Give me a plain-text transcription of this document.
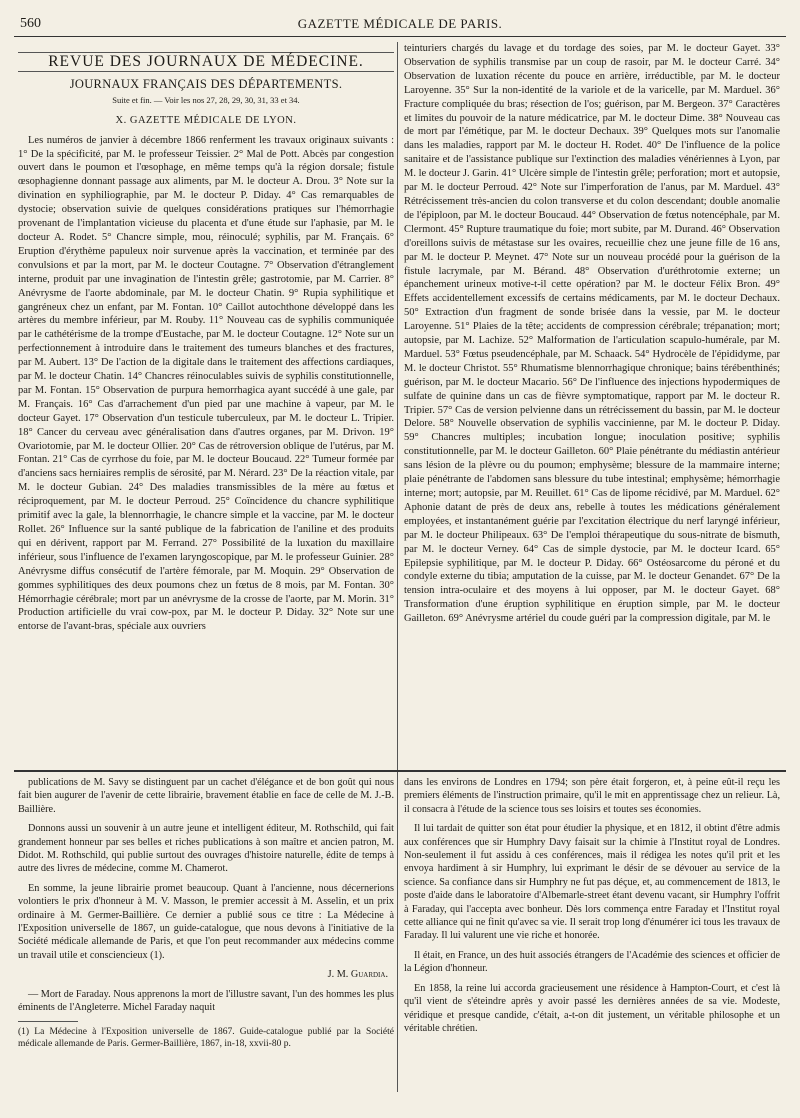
560	GAZETTE MÉDICALE DE PARIS.
REVUE DES JOURNAUX DE MÉDECINE.
JOURNAUX FRANÇAIS DES DÉPARTEMENTS.
Suite et fin. — Voir les nos 27, 28, 29, 30, 31, 33 et 34.
X. GAZETTE MÉDICALE DE LYON.

Les numéros de janvier à décembre 1866 renferment les travaux originaux suivants : 1° De la spécificité, par M. le professeur Teissier. 2° Mal de Pott. Abcès par congestion ouvert dans le poumon et l'œsophage, en même temps qu'à la région dorsale; fistule œsophagienne donnant passage aux aliments, par M. le docteur A. Drou. 3° Note sur la divination en syphiliographie, par M. le docteur P. Diday. 4° Cas remarquables de dystocie; observation suivie de quelques considérations pratiques sur l'hémorrhagie provenant de l'implantation vicieuse du placenta et d'une étude sur l'aphasie, par M. le docteur A. Rodet. 5° Chancre simple, mou, réinoculé; syphilis, par M. Français. 6° Eruption d'érythème papuleux noir survenue après la vaccination, et terminée par des convulsions et par la mort, par M. le docteur Coutagne. 7° Observation d'étranglement interne, produit par une invagination de l'intestin grêle; gastrotomie, par M. Carrier. 8° Anévrysme de l'aorte abdominale, par M. le docteur Chatin. 9° Rupia syphilitique et gangréneux chez un enfant, par M. Fontan. 10° Caillot autochthone développé dans les artères du membre inférieur, par M. Rouby. 11° Nouveau cas de syphilis communiquée par le cathétérisme de la trompe d'Eustache, par M. le docteur Coutagne. 12° Note sur un perfectionnement à introduire dans le traitement des tumeurs blanches et des fractures, par M. Aubert. 13° De l'action de la digitale dans le traitement des affections cardiaques, par M. le docteur Chatin. 14° Chancres réinoculables suivis de syphilis constitutionnelle, par M. Fontan. 15° Observation de purpura hemorrhagica ayant succédé à une gale, par M. Français. 16° Cas d'arrachement d'un pied par une machine à vapeur, par M. le docteur Gayet. 17° Observation d'un testicule tuberculeux, par M. le docteur L. Tripier. 18° Cancer du cerveau avec généralisation dans d'autres organes, par M. Drivon. 19° Ovariotomie, par M. le docteur Ollier. 20° Cas de rétroversion oblique de l'utérus, par M. Fontan. 21° Cas de cyrrhose du foie, par M. le docteur Boucaud. 22° Tumeur formée par d'anciens sacs herniaires remplis de sérosité, par M. Nérard. 23° De la réaction vitale, par M. le docteur Gubian. 24° Des maladies transmissibles de la mère au fœtus et réciproquement, par M. le docteur Perroud. 25° Coïncidence du chancre syphilitique primitif avec la gale, la blennorrhagie, le chancre simple et la vaccine, par M. le docteur Rollet. 26° Influence sur la santé publique de la fabrication de l'aniline et des produits qui en dérivent, rapport par M. Ferrand. 27° Possibilité de la luxation du maxillaire inférieur, sous l'influence de l'examen laryngoscopique, par M. le professeur Guinier. 28° Anévrysme diffus consécutif de l'artère fémorale, par M. Moquin. 29° Observation de gommes syphilitiques des deux poumons chez un fœtus de 8 mois, par M. Fontan. 30° Hémorrhagie cérébrale; mort par un anévrysme de la crosse de l'aorte, par M. Morin. 31° Production artificielle du vrai cow-pox, par M. le docteur P. Diday. 32° Note sur une entorse de l'avant-bras, spéciale aux ouvriers

teinturiers chargés du lavage et du tordage des soies, par M. le docteur Gayet. 33° Observation de syphilis transmise par un coup de rasoir, par M. le docteur Carré. 34° Observation de luxation récente du pouce en arrière, irréductible, par M. le docteur Laroyenne. 35° Sur la non-identité de la variole et de la varicelle, par M. Marduel. 36° Fracture compliquée du bras; résection de l'os; guérison, par M. Bergeon. 37° Caractères et limites du pouvoir de la nature médicatrice, par M. le docteur Dime. 38° Nouveau cas de mort par l'émétique, par M. le docteur Dechaux. 39° Quelques mots sur l'anomalie dans les maladies, rapport par M. le docteur H. Rodet. 40° De l'influence de la police sanitaire et de l'assistance publique sur l'extinction des maladies vénériennes à Lyon, par M. le docteur J. Garin. 41° Ulcère simple de l'intestin grêle; perforation; mort et autopsie, par M. le docteur Perroud. 42° Note sur l'imperforation de l'anus, par M. Marduel. 43° Rétrécissement très-ancien du colon transverse et du colon descendant; double anomalie de l'épiploon, par M. le docteur Boucaud. 44° Observation de fœtus notencéphale, par M. Clermont. 45° Rupture traumatique du foie; mort subite, par M. Durand. 46° Observation d'oreillons suivis de métastase sur les ovaires, recueillie chez une jeune fille de 16 ans, par M. le docteur P. Meynet. 47° Note sur un nouveau procédé pour la guérison de la fistule lacrymale, par M. Bérand. 48° Observation d'uréthrotomie externe; un épanchement urineux motive-t-il cette opération? par M. le docteur Félix Bron. 49° Effets accidentellement excessifs de certains médicaments, par M. le docteur Dechaux. 50° Extraction d'un fragment de sonde brisée dans la vessie, par M. le docteur Laroyenne. 51° Plaies de la tête; accidents de compression cérébrale; trépanation; mort; autopsie, par M. Lachize. 52° Malformation de l'articulation scapulo-humérale, par M. Marduel. 53° Fœtus pseudencéphale, par M. Schaack. 54° Hydrocèle de l'épididyme, par M. le docteur Christot. 55° Rhumatisme blennorrhagique chronique; bains térébenthinés; guérison, par M. le docteur Macario. 56° De l'influence des injections hypodermiques de sulfate de quinine dans un cas de fièvre symptomatique, rapport par M. le docteur R. Tripier. 57° Cas de version pelvienne dans un rétrécissement du bassin, par M. le docteur Delore. 58° Nouvelle observation de syphilis vaccinienne, par M. le docteur P. Diday. 59° Chancres multiples; incubation longue; inoculation positive; syphilis constitutionnelle, par M. le docteur Gailleton. 60° Plaie pénétrante du médiastin antérieur sans lésion de la plèvre ou du poumon; emphysème; blessure de la mammaire interne; plaie pénétrante de l'abdomen sans blessure du tube intestinal; emphysème; hémorrhagie interne; mort; autopsie, par M. Reuillet. 61° Cas de lipome récidivé, par M. Marduel. 62° Aphonie datant de près de deux ans, rebelle à toutes les médications généralement employées, et instantanément guérie par l'excitation électrique du nerf laryngé inférieur, par M. le docteur Philipeaux. 63° De l'emploi thérapeutique du sous-nitrate de bismuth, par M. le docteur Verney. 64° Cas de simple dystocie, par M. le docteur Icard. 65° Epilepsie syphilitique, par M. le docteur P. Diday. 66° Ostéosarcome du péroné et du condyle externe du tibia; amputation de la cuisse, par M. le docteur Genandet. 67° De la tension intra-oculaire et des moyens à lui opposer, par M. le docteur Gayet. 68° Transformation d'une éruption syphilitique en éruption simple, par M. le docteur Gailleton. 69° Anévrysme artériel du coude guéri par la compression digitale, par M. le

publications de M. Savy se distinguent par un cachet d'élégance et de bon goût qui nous fait bien augurer de l'avenir de cette librairie, bravement établie en face de celle de M. J.-B. Baillière.

Donnons aussi un souvenir à un autre jeune et intelligent éditeur, M. Rothschild, qui fait grandement honneur par ses belles et riches publications à son maître et ancien patron, M. Didot. M. Rothschild, qui publie surtout des ouvrages d'histoire naturelle, édite de temps à autre des livres de médecine, comme M. Chamerot.

En somme, la jeune librairie promet beaucoup. Quant à l'ancienne, nous décernerions volontiers le prix d'honneur à M. V. Masson, le premier accessit à M. Asselin, et un prix ordinaire à M. Germer-Baillière. Ce dernier a publié sous ce titre : La Médecine à l'Exposition universelle de 1867, un guide-catalogue, que nous devons à l'initiative de la Société médicale allemande de Paris, et que l'on peut recommander aux médecins comme un travail utile et consciencieux (1).

J. M. Guardia.

— Mort de Faraday. Nous apprenons la mort de l'illustre savant, l'un des hommes les plus éminents de l'Angleterre. Michel Faraday naquit

(1) La Médecine à l'Exposition universelle de 1867. Guide-catalogue publié par la Société médicale allemande de Paris. Germer-Baillière, 1867, in-18, xxvii-80 p.

dans les environs de Londres en 1794; son père était forgeron, et, à peine eût-il reçu les premiers éléments de l'instruction primaire, qu'il le mit en apprentissage chez un relieur. Là, il consacra à l'étude de la science tous ses loisirs et toutes ses économies.

Il lui tardait de quitter son état pour étudier la physique, et en 1812, il obtint d'être admis aux conférences que sir Humphry Davy faisait sur la chimie à l'Institut royal de Londres. Non-seulement il fut assidu à ces conférences, mais il rédigea les notes qu'il prit et les envoya hardiment à sir Humphry, lui exprimant le désir de se dévouer au service de la science. Sa confiance dans sir Humphry ne fut pas déçue, et, au commencement de 1813, le poste d'aide dans le laboratoire d'Albemarle-street étant devenu vacant, sir Humphry l'offrit à Faraday, qui l'accepta avec bonheur. Dès lors commença entre Faraday et l'Institut royal cette alliance qui ne finit qu'avec sa vie. Il serait trop long d'énumérer ici tous les travaux de Faraday. Il lui valurent une vie riche et honorée.

Il était, en France, un des huit associés étrangers de l'Académie des sciences et officier de la Légion d'honneur.

En 1858, la reine lui accorda gracieusement une résidence à Hampton-Court, et c'est là qu'il vient de s'éteindre après y avoir passé les dernières années de sa vie. Modeste, véridique et presque candide, c'était, a-t-on dit justement, un véritable philosophe et un véritable chrétien.
